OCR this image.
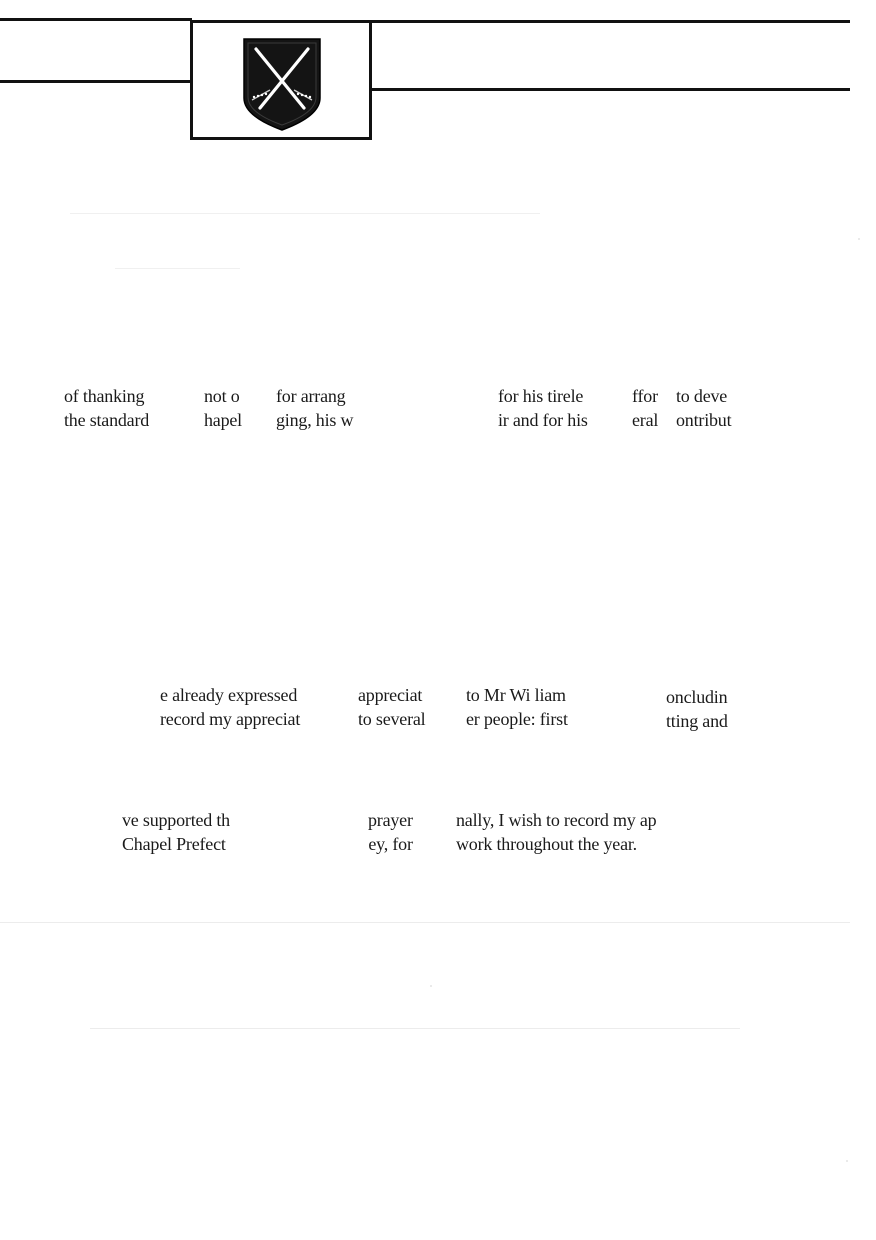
of thanking
the standard
not o
hapel
for arrang
ging, his w
for his tirele
ir and for his
ffor
eral
to deve
ontribut
e already expressed
record my appreciat
appreciat
to several
to Mr Wi liam
er people: first
oncludin
tting and
ve supported th
Chapel Prefect
prayer
ey, for
nally, I wish to record my ap
work throughout the year.
